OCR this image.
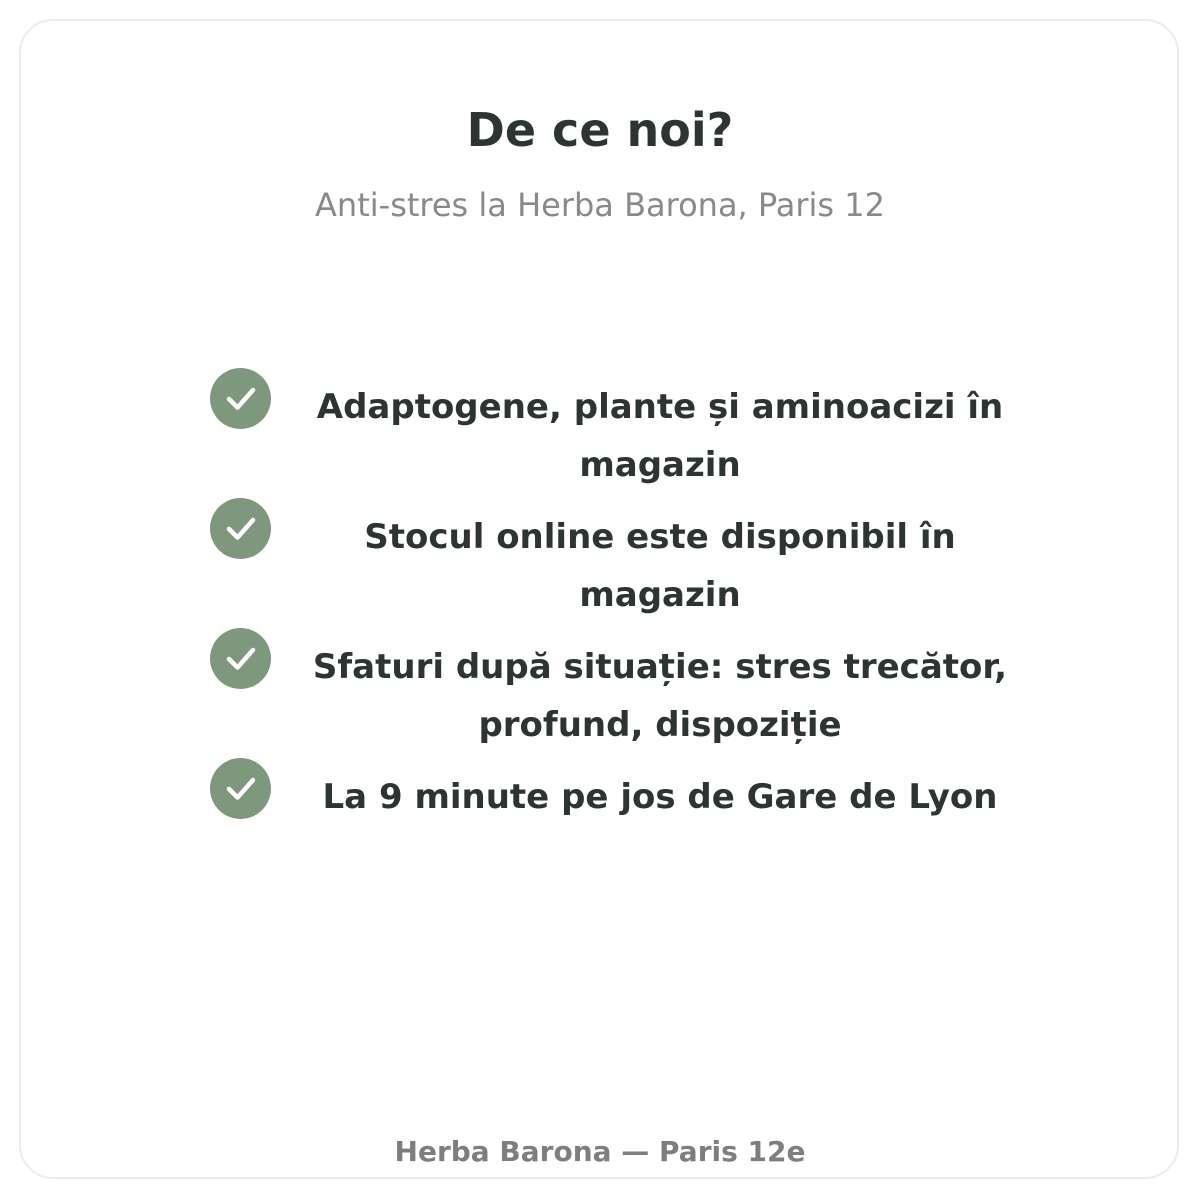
De ce noi?

Anti-stres la Herba Barona, Paris 12

Adaptogene, plante și aminoacizi în magazin
Stocul online este disponibil în magazin
Sfaturi după situație: stres trecător, profund, dispoziție
La 9 minute pe jos de Gare de Lyon

Herba Barona — Paris 12e
